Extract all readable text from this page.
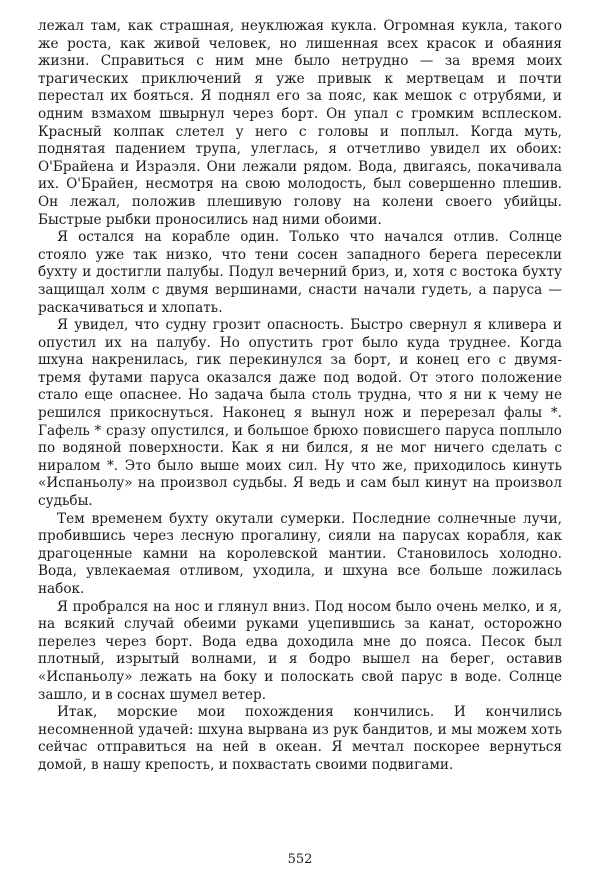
лежал там, как страшная, неуклюжая кукла. Огромная кукла, такого же роста, как живой человек, но лишенная всех красок и обаяния жизни. Справиться с ним мне было нетрудно — за время моих трагических приключений я уже привык к мертвецам и почти перестал их бояться. Я поднял его за пояс, как мешок с отрубями, и одним взмахом швырнул через борт. Он упал с громким всплеском. Красный колпак слетел у него с головы и поплыл. Когда муть, поднятая падением трупа, улеглась, я отчетливо увидел их обоих: О'Брайена и Израэля. Они лежали рядом. Вода, двигаясь, покачивала их. О'Брайен, несмотря на свою молодость, был совершенно плешив. Он лежал, положив плешивую голову на колени своего убийцы. Быстрые рыбки проносились над ними обоими.

Я остался на корабле один. Только что начался отлив. Солнце стояло уже так низко, что тени сосен западного берега пересекли бухту и достигли палубы. Подул вечерний бриз, и, хотя с востока бухту защищал холм с двумя вершинами, снасти начали гудеть, а паруса — раскачиваться и хлопать.

Я увидел, что судну грозит опасность. Быстро свернул я кливера и опустил их на палубу. Но опустить грот было куда труднее. Когда шхуна накренилась, гик перекинулся за борт, и конец его с двумя-тремя футами паруса оказался даже под водой. От этого положение стало еще опаснее. Но задача была столь трудна, что я ни к чему не решился прикоснуться. Наконец я вынул нож и перерезал фалы *. Гафель * сразу опустился, и большое брюхо повисшего паруса поплыло по водяной поверхности. Как я ни бился, я не мог ничего сделать с ниралом *. Это было выше моих сил. Ну что же, приходилось кинуть «Испаньолу» на произвол судьбы. Я ведь и сам был кинут на произвол судьбы.

Тем временем бухту окутали сумерки. Последние солнечные лучи, пробившись через лесную прогалину, сияли на парусах корабля, как драгоценные камни на королевской мантии. Становилось холодно. Вода, увлекаемая отливом, уходила, и шхуна все больше ложилась набок.

Я пробрался на нос и глянул вниз. Под носом было очень мелко, и я, на всякий случай обеими руками уцепившись за канат, осторожно перелез через борт. Вода едва доходила мне до пояса. Песок был плотный, изрытый волнами, и я бодро вышел на берег, оставив «Испаньолу» лежать на боку и полоскать свой парус в воде. Солнце зашло, и в соснах шумел ветер.

Итак, морские мои похождения кончились. И кончились несомненной удачей: шхуна вырвана из рук бандитов, и мы можем хоть сейчас отправиться на ней в океан. Я мечтал поскорее вернуться домой, в нашу крепость, и похвастать своими подвигами.

552
